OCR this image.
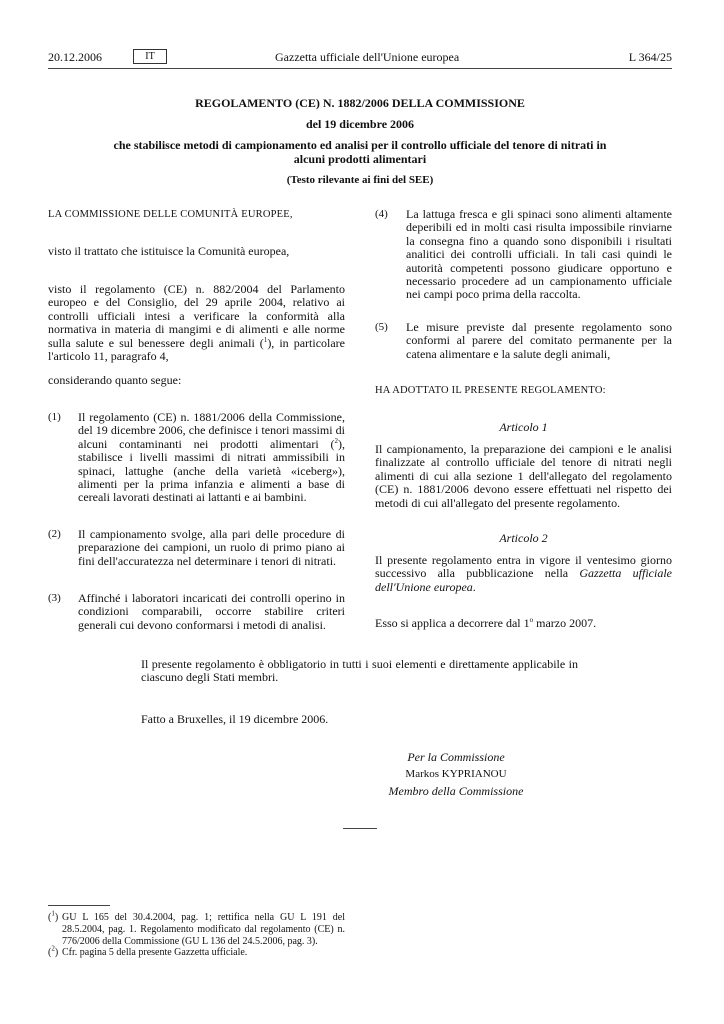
20.12.2006	IT	Gazzetta ufficiale dell'Unione europea	L 364/25
REGOLAMENTO (CE) N. 1882/2006 DELLA COMMISSIONE
del 19 dicembre 2006
che stabilisce metodi di campionamento ed analisi per il controllo ufficiale del tenore di nitrati in
alcuni prodotti alimentari
(Testo rilevante ai fini del SEE)
LA COMMISSIONE DELLE COMUNITÀ EUROPEE,
visto il trattato che istituisce la Comunità europea,
visto il regolamento (CE) n. 882/2004 del Parlamento europeo e del Consiglio, del 29 aprile 2004, relativo ai controlli ufficiali intesi a verificare la conformità alla normativa in materia di mangimi e di alimenti e alle norme sulla salute e sul benessere degli animali ($^1$), in particolare l'articolo 11, paragrafo 4,
considerando quanto segue:
(1) Il regolamento (CE) n. 1881/2006 della Commissione, del 19 dicembre 2006, che definisce i tenori massimi di alcuni contaminanti nei prodotti alimentari ($^2$), stabilisce i livelli massimi di nitrati ammissibili in spinaci, lattughe (anche della varietà «iceberg»), alimenti per la prima infanzia e alimenti a base di cereali lavorati destinati ai lattanti e ai bambini.
(2) Il campionamento svolge, alla pari delle procedure di preparazione dei campioni, un ruolo di primo piano ai fini dell'accuratezza nel determinare i tenori di nitrati.
(3) Affinché i laboratori incaricati dei controlli operino in condizioni comparabili, occorre stabilire criteri generali cui devono conformarsi i metodi di analisi.
(4) La lattuga fresca e gli spinaci sono alimenti altamente deperibili ed in molti casi risulta impossibile rinviarne la consegna fino a quando sono disponibili i risultati analitici dei controlli ufficiali. In tali casi quindi le autorità competenti possono giudicare opportuno e necessario procedere ad un campionamento ufficiale nei campi poco prima della raccolta.
(5) Le misure previste dal presente regolamento sono conformi al parere del comitato permanente per la catena alimentare e la salute degli animali,
HA ADOTTATO IL PRESENTE REGOLAMENTO:
Articolo 1
Il campionamento, la preparazione dei campioni e le analisi finalizzate al controllo ufficiale del tenore di nitrati negli alimenti di cui alla sezione 1 dell'allegato del regolamento (CE) n. 1881/2006 devono essere effettuati nel rispetto dei metodi di cui all'allegato del presente regolamento.
Articolo 2
Il presente regolamento entra in vigore il ventesimo giorno successivo alla pubblicazione nella Gazzetta ufficiale dell'Unione europea.
Esso si applica a decorrere dal 1$^o$ marzo 2007.
Il presente regolamento è obbligatorio in tutti i suoi elementi e direttamente applicabile in ciascuno degli Stati membri.
Fatto a Bruxelles, il 19 dicembre 2006.
Per la Commissione
Markos KYPRIANOU
Membro della Commissione
($^1$) GU L 165 del 30.4.2004, pag. 1; rettifica nella GU L 191 del 28.5.2004, pag. 1. Regolamento modificato dal regolamento (CE) n. 776/2006 della Commissione (GU L 136 del 24.5.2006, pag. 3).
($^2$) Cfr. pagina 5 della presente Gazzetta ufficiale.
